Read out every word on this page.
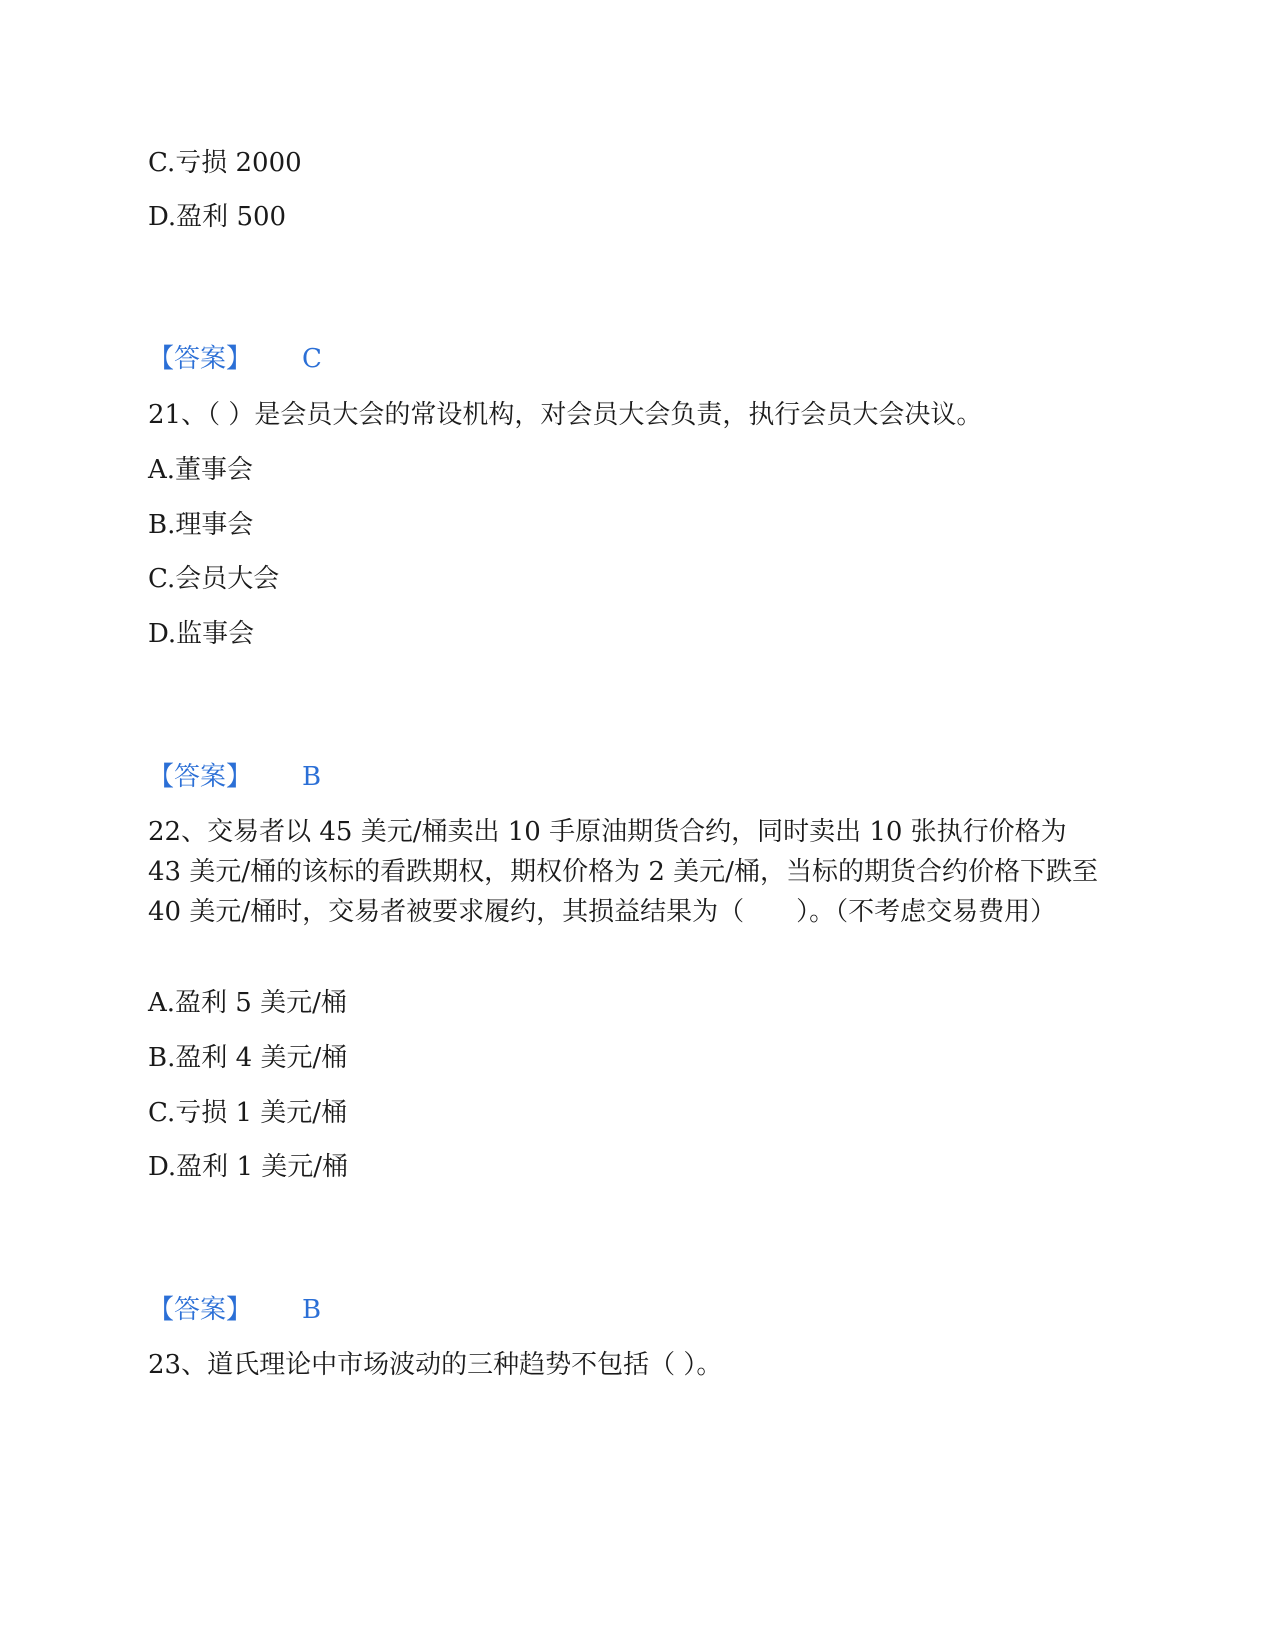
C.亏损 2000
D.盈利 500
【答案】 C
21、（ ）是会员大会的常设机构，对会员大会负责，执行会员大会决议。
A.董事会
B.理事会
C.会员大会
D.监事会
【答案】 B
22、交易者以 45 美元/桶卖出 10 手原油期货合约，同时卖出 10 张执行价格为 43 美元/桶的该标的看跌期权，期权价格为 2 美元/桶，当标的期货合约价格下跌至 40 美元/桶时，交易者被要求履约，其损益结果为（　　）。（不考虑交易费用）
A.盈利 5 美元/桶
B.盈利 4 美元/桶
C.亏损 1 美元/桶
D.盈利 1 美元/桶
【答案】 B
23、道氏理论中市场波动的三种趋势不包括（ ）。
